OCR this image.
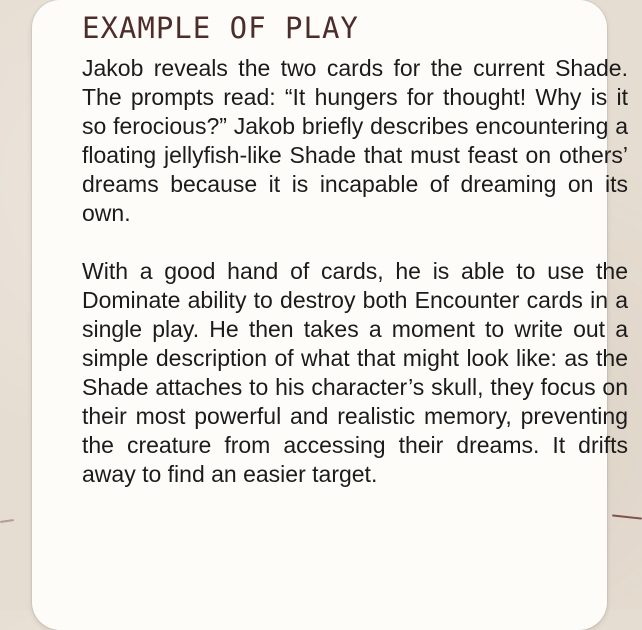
EXAMPLE OF PLAY

Jakob reveals the two cards for the current Shade. The prompts read: “It hungers for thought! Why is it so ferocious?” Jakob briefly describes encountering a floating jellyfish-like Shade that must feast on others’ dreams because it is incapable of dreaming on its own.

With a good hand of cards, he is able to use the Dominate ability to destroy both Encounter cards in a single play. He then takes a moment to write out a simple description of what that might look like: as the Shade attaches to his character’s skull, they focus on their most powerful and realistic memory, preventing the creature from accessing their dreams. It drifts away to find an easier target.
